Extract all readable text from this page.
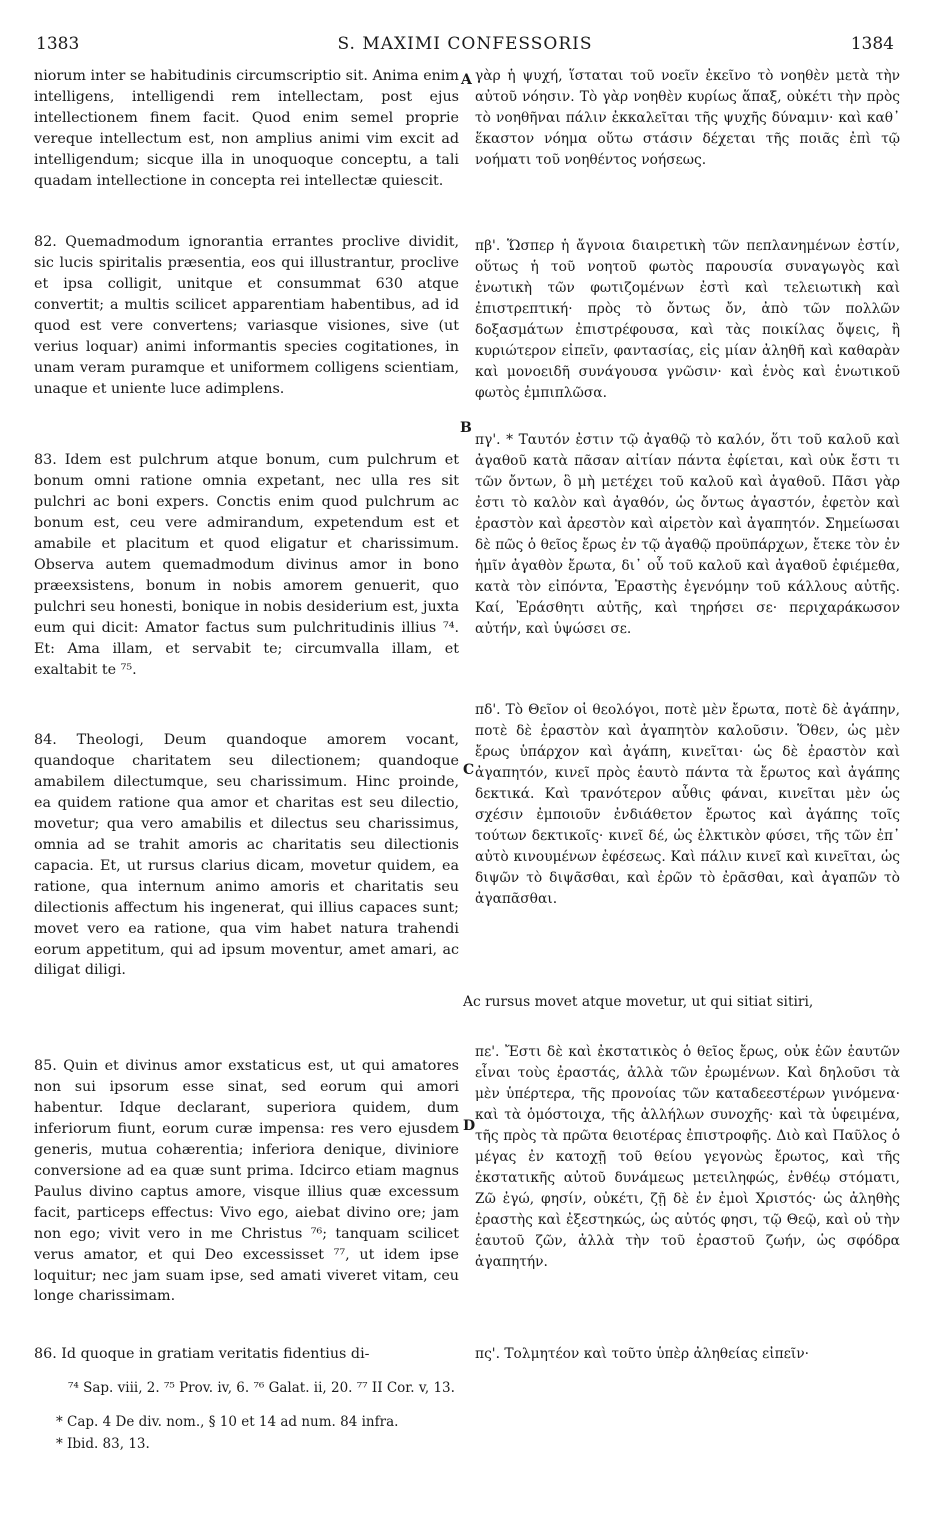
1383	S. MAXIMI CONFESSORIS	1384
niorum inter se habitudinis circumscriptio sit. Anima enim intelligens, intelligendi rem intellectam, post ejus intellectionem finem facit. Quod enim semel proprie vereque intellectum est, non amplius animi vim excit ad intelligendum; sicque illa in unoquoque conceptu, a tali quadam intellectione in concepta rei intellectæ quiescit.
82. Quemadmodum ignorantia errantes proclive dividit, sic lucis spiritalis præsentia, eos qui illustrantur, proclive et ipsa colligit, unitque et consummat 630 atque convertit; a multis scilicet apparentiam habentibus, ad id quod est vere convertens; variasque visiones, sive (ut verius loquar) animi informantis species cogitationes, in unam veram puramque et uniformem colligens scientiam, unaque et uniente luce adimplens.
83. Idem est pulchrum atque bonum, cum pulchrum et bonum omni ratione omnia expetant, nec ulla res sit pulchri ac boni expers. Conctis enim quod pulchrum ac bonum est, ceu vere admirandum, expetendum est et amabile et placitum et quod eligatur et charissimum. Observa autem quemadmodum divinus amor in bono præexsistens, bonum in nobis amorem genuerit, quo pulchri seu honesti, bonique in nobis desiderium est, juxta eum qui dicit: Amator factus sum pulchritudinis illius ⁷⁴. Et: Ama illam, et servabit te; circumvalla illam, et exaltabit te ⁷⁵.
84. Theologi, Deum quandoque amorem vocant, quandoque charitatem seu dilectionem; quandoque amabilem dilectumque, seu charissimum. Hinc proinde, ea quidem ratione qua amor et charitas est seu dilectio, movetur; qua vero amabilis et dilectus seu charissimus, omnia ad se trahit amoris ac charitatis seu dilectionis capacia. Et, ut rursus clarius dicam, movetur quidem, ea ratione, qua internum animo amoris et charitatis seu dilectionis affectum his ingenerat, qui illius capaces sunt; movet vero ea ratione, qua vim habet natura trahendi eorum appetitum, qui ad ipsum moventur, amet amari, ac diligat diligi.
85. Quin et divinus amor exstaticus est, ut qui amatores non sui ipsorum esse sinat, sed eorum qui amori habentur. Idque declarant, superiora quidem, dum inferiorum fiunt, eorum curæ impensa: res vero ejusdem generis, mutua cohærentia; inferiora denique, diviniore conversione ad ea quæ sunt prima. Idcirco etiam magnus Paulus divino captus amore, visque illius quæ excessum facit, particeps effectus: Vivo ego, aiebat divino ore; jam non ego; vivit vero in me Christus ⁷⁶; tanquam scilicet verus amator, et qui Deo excessisset ⁷⁷, ut idem ipse loquitur; nec jam suam ipse, sed amati viveret vitam, ceu longe charissimam.
86. Id quoque in gratiam veritatis fidentius di-
A
B
C
D
γὰρ ἡ ψυχή, ἵσταται τοῦ νοεῖν ἐκεῖνο τὸ νοηθὲν μετὰ τὴν αὐτοῦ νόησιν. Τὸ γὰρ νοηθὲν κυρίως ἅπαξ, οὐκέτι τὴν πρὸς τὸ νοηθῆναι πάλιν ἐκκαλεῖται τῆς ψυχῆς δύναμιν· καὶ καθ᾽ ἕκαστον νόημα οὕτω στάσιν δέχεται τῆς ποιᾶς ἐπὶ τῷ νοήματι τοῦ νοηθέντος νοήσεως.
πβ'. Ὥσπερ ἡ ἄγνοια διαιρετικὴ τῶν πεπλανημένων ἐστίν, οὕτως ἡ τοῦ νοητοῦ φωτὸς παρουσία συναγωγὸς καὶ ἑνωτικὴ τῶν φωτιζομένων ἐστὶ καὶ τελειωτικὴ καὶ ἐπιστρεπτική· πρὸς τὸ ὄντως ὄν, ἀπὸ τῶν πολλῶν δοξασμάτων ἐπιστρέφουσα, καὶ τὰς ποικίλας ὄψεις, ἢ κυριώτερον εἰπεῖν, φαντασίας, εἰς μίαν ἀληθῆ καὶ καθαρὰν καὶ μονοειδῆ συνάγουσα γνῶσιν· καὶ ἑνὸς καὶ ἑνωτικοῦ φωτὸς ἐμπιπλῶσα.
πγ'. * Ταυτόν ἐστιν τῷ ἀγαθῷ τὸ καλόν, ὅτι τοῦ καλοῦ καὶ ἀγαθοῦ κατὰ πᾶσαν αἰτίαν πάντα ἐφίεται, καὶ οὐκ ἔστι τι τῶν ὄντων, ὃ μὴ μετέχει τοῦ καλοῦ καὶ ἀγαθοῦ. Πᾶσι γὰρ ἐστι τὸ καλὸν καὶ ἀγαθόν, ὡς ὄντως ἀγαστόν, ἐφετὸν καὶ ἐραστὸν καὶ ἀρεστὸν καὶ αἱρετὸν καὶ ἀγαπητόν. Σημείωσαι δὲ πῶς ὁ θεῖος ἔρως ἐν τῷ ἀγαθῷ προϋπάρχων, ἔτεκε τὸν ἐν ἡμῖν ἀγαθὸν ἔρωτα, δι᾽ οὗ τοῦ καλοῦ καὶ ἀγαθοῦ ἐφιέμεθα, κατὰ τὸν εἰπόντα, Ἐραστὴς ἐγενόμην τοῦ κάλλους αὐτῆς. Καί, Ἐράσθητι αὐτῆς, καὶ τηρήσει σε· περιχαράκωσον αὐτήν, καὶ ὑψώσει σε.
πδ'. Τὸ Θεῖον οἱ θεολόγοι, ποτὲ μὲν ἔρωτα, ποτὲ δὲ ἀγάπην, ποτὲ δὲ ἐραστὸν καὶ ἀγαπητὸν καλοῦσιν. Ὅθεν, ὡς μὲν ἔρως ὑπάρχον καὶ ἀγάπη, κινεῖται· ὡς δὲ ἐραστὸν καὶ ἀγαπητόν, κινεῖ πρὸς ἑαυτὸ πάντα τὰ ἔρωτος καὶ ἀγάπης δεκτικά. Καὶ τρανότερον αὖθις φάναι, κινεῖται μὲν ὡς σχέσιν ἐμποιοῦν ἐνδιάθετον ἔρωτος καὶ ἀγάπης τοῖς τούτων δεκτικοῖς· κινεῖ δέ, ὡς ἑλκτικὸν φύσει, τῆς τῶν ἐπ᾽ αὐτὸ κινουμένων ἐφέσεως. Καὶ πάλιν κινεῖ καὶ κινεῖται, ὡς διψῶν τὸ διψᾶσθαι, καὶ ἐρῶν τὸ ἐρᾶσθαι, καὶ ἀγαπῶν τὸ ἀγαπᾶσθαι.
Ac rursus movet atque movetur, ut qui sitiat sitiri,
πε'. Ἔστι δὲ καὶ ἐκστατικὸς ὁ θεῖος ἔρως, οὐκ ἐῶν ἑαυτῶν εἶναι τοὺς ἐραστάς, ἀλλὰ τῶν ἐρωμένων. Καὶ δηλοῦσι τὰ μὲν ὑπέρτερα, τῆς προνοίας τῶν καταδεεστέρων γινόμενα· καὶ τὰ ὁμόστοιχα, τῆς ἀλλήλων συνοχῆς· καὶ τὰ ὑφειμένα, τῆς πρὸς τὰ πρῶτα θειοτέρας ἐπιστροφῆς. Διὸ καὶ Παῦλος ὁ μέγας ἐν κατοχῇ τοῦ θείου γεγονὼς ἔρωτος, καὶ τῆς ἐκστατικῆς αὐτοῦ δυνάμεως μετειληφώς, ἐνθέῳ στόματι, Ζῶ ἐγώ, φησίν, οὐκέτι, ζῇ δὲ ἐν ἐμοὶ Χριστός· ὡς ἀληθὴς ἐραστὴς καὶ ἐξεστηκώς, ὡς αὐτός φησι, τῷ Θεῷ, καὶ οὐ τὴν ἑαυτοῦ ζῶν, ἀλλὰ τὴν τοῦ ἐραστοῦ ζωήν, ὡς σφόδρα ἀγαπητήν.
πς'. Τολμητέον καὶ τοῦτο ὑπὲρ ἀληθείας εἰπεῖν·
⁷⁴ Sap. viii, 2. ⁷⁵ Prov. iv, 6. ⁷⁶ Galat. ii, 20. ⁷⁷ II Cor. v, 13.
* Cap. 4 De div. nom., § 10 et 14 ad num. 84 infra.
* Ibid. 83, 13.
